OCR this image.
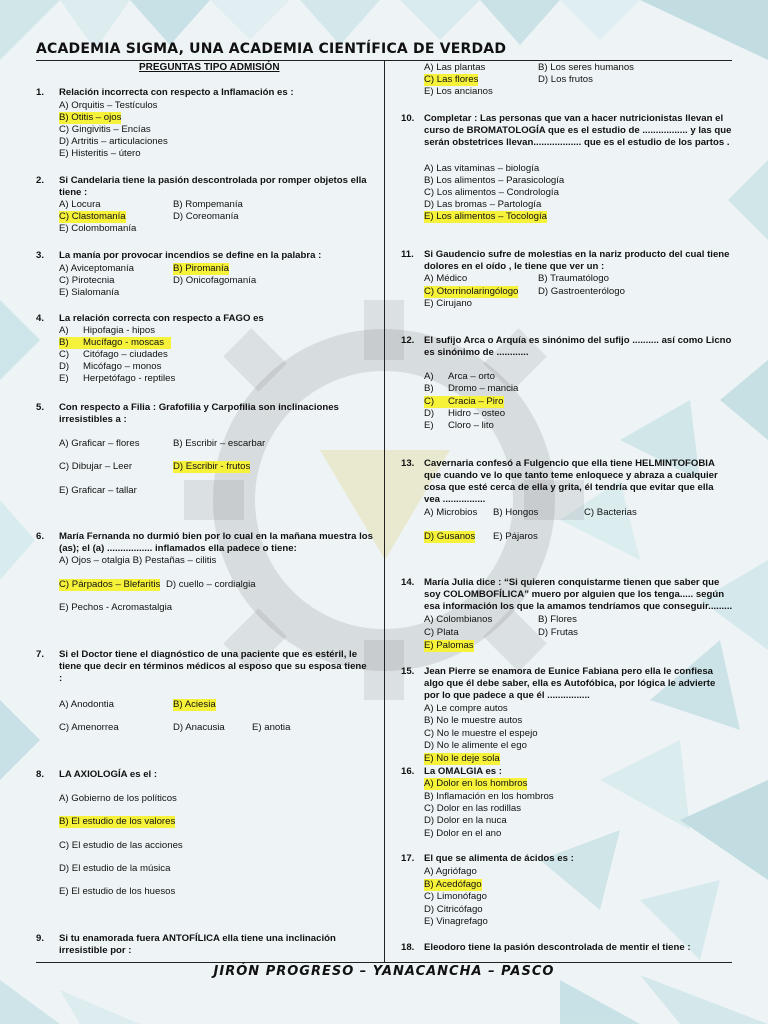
ACADEMIA SIGMA, UNA ACADEMIA CIENTÍFICA DE VERDAD
PREGUNTAS TIPO ADMISIÓN
1. Relación incorrecta con respecto a Inflamación es :
A) Orquitis – Testículos
B) Otitis – ojos
C) Gingivitis – Encías
D) Artritis – articulaciones
E) Histeritis – útero
2. Si Candelaria tiene la pasión descontrolada por romper objetos ella
tiene :
A) Locura	B) Rompemanía
C) Clastomanía	D) Coreomanía
E) Colombomanía
3. La manía por provocar incendios se define en la palabra :
A) Aviceptomanía	B) Piromanía
C) Pirotecnia	D) Onicofagomanía
E) Sialomanía
4. La relación correcta con respecto a FAGO es
A) Hipofagia - hipos
B)	Mucífago - moscas
C) Citófago – ciudades
D) Micófago – monos
E) Herpetófago - reptiles
5. Con respecto a Filia : Grafofilia y Carpofilia son inclinaciones
irresistibles a :
A) Graficar – flores	B) Escribir – escarbar
C) Dibujar – Leer	D) Escribir - frutos
E) Graficar – tallar
6. María Fernanda no durmió bien por lo cual en la mañana muestra los
(as); el (a) ................. inflamados ella padece o tiene:
A) Ojos – otalgia B) Pestañas – cilitis
C) Párpados – Blefaritis D) cuello – cordialgia
E) Pechos - Acromastalgia
7. Si el Doctor tiene el diagnóstico de una paciente que es estéril, le
tiene que decir en términos médicos al esposo que su esposa tiene
:
A) Anodontia	B) Aciesia
C) Amenorrea	D) Anacusia	E) anotia
8. LA AXIOLOGÍA es el :
A) Gobierno de los políticos
B) El estudio de los valores
C) El estudio de las acciones
D) El estudio de la música
E) El estudio de los huesos
9. Si tu enamorada fuera ANTOFÍLICA ella tiene una inclinación
irresistible por :
A) Las plantas	B) Los seres humanos
C) Las flores	D) Los frutos
E) Los ancianos
10. Completar : Las personas que van a hacer nutricionistas llevan el
curso de BROMATOLOGÍA que es el estudio de ................. y las que
serán obstetrices llevan.................. que es el estudio de los partos .
A) Las vitaminas – biología
B) Los alimentos – Parasicología
C) Los alimentos – Condrología
D) Las bromas – Partología
E) Los alimentos – Tocología
11. Si Gaudencio sufre de molestias en la nariz producto del cual tiene
dolores en el oído , le tiene que ver un :
A) Médico	B) Traumatólogo
C) Otorrinolaringólogo D) Gastroenterólogo
E) Cirujano
12. El sufijo Arca o Arquía es sinónimo del sufijo .......... así como Licno
es sinónimo de ............
A) Arca – orto
B) Dromo – mancia
C)	Cracia – Piro
D) Hidro – osteo
E) Cloro – lito
13. Cavernaria confesó a Fulgencio que ella tiene HELMINTOFOBIA
que cuando ve lo que tanto teme enloquece y abraza a cualquier
cosa que esté cerca de ella y grita, él tendría que evitar que ella
vea ................
A) Microbios B) Hongos	C) Bacterias
D) Gusanos E) Pájaros
14. María Julia dice : “Si quieren conquistarme tienen que saber que
soy COLOMBOFÍLICA” muero por alguien que los tenga..... según
esa información los que la amamos tendríamos que conseguir.........
A) Colombianos	B) Flores
C) Plata	D) Frutas
E) Palomas
15. Jean Pierre se enamora de Eunice Fabiana pero ella le confiesa
algo que él debe saber, ella es Autofóbica, por lógica le advierte
por lo que padece a que él ................
A) Le compre autos
B) No le muestre autos
C) No le muestre el espejo
D) No le alimente el ego
E) No le deje sola
16. La OMALGIA es :
A) Dolor en los hombros
B) Inflamación en los hombros
C) Dolor en las rodillas
D) Dolor en la nuca
E) Dolor en el ano
17. El que se alimenta de ácidos es :
A) Agriófago
B) Acedófago
C) Limonófago
D) Citricófago
E) Vinagrefago
18. Eleodoro tiene la pasión descontrolada de mentir el tiene :
JIRÓN PROGRESO – YANACANCHA – PASCO
